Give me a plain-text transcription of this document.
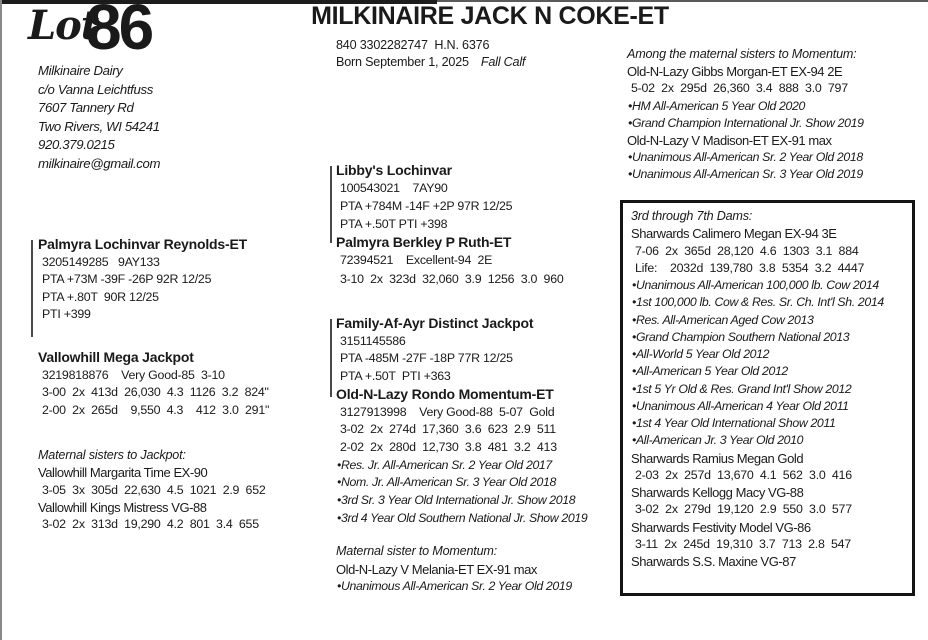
Lot
86
Milkinaire Dairy
c/o Vanna Leichtfuss
7607 Tannery Rd
Two Rivers, WI 54241
920.379.0215
milkinaire@gmail.com
MILKINAIRE JACK N COKE-ET
840 3302282747  H.N. 6376
Born September 1, 2025 Fall Calf
Palmyra Lochinvar Reynolds-ET
3205149285   9AY133
PTA +73M -39F -26P 92R 12/25
PTA +.80T  90R 12/25
PTI +399
Vallowhill Mega Jackpot
3219818876    Very Good-85  3-10
3-00  2x  413d  26,030  4.3  1126  3.2  824"
2-00  2x  265d    9,550  4.3    412  3.0  291"
Maternal sisters to Jackpot:
Vallowhill Margarita Time EX-90
3-05  3x  305d  22,630  4.5  1021  2.9  652
Vallowhill Kings Mistress VG-88
3-02  2x  313d  19,290  4.2  801  3.4  655
Libby's Lochinvar
100543021    7AY90
PTA +784M -14F +2P 97R 12/25
PTA +.50T PTI +398
Palmyra Berkley P Ruth-ET
72394521    Excellent-94  2E
3-10  2x  323d  32,060  3.9  1256  3.0  960
Family-Af-Ayr Distinct Jackpot
3151145586
PTA -485M -27F -18P 77R 12/25
PTA +.50T  PTI +363
Old-N-Lazy Rondo Momentum-ET
3127913998    Very Good-88  5-07  Gold
3-02  2x  274d  17,360  3.6  623  2.9  511
2-02  2x  280d  12,730  3.8  481  3.2  413
•Res. Jr. All-American Sr. 2 Year Old 2017
•Nom. Jr. All-American Sr. 3 Year Old 2018
•3rd Sr. 3 Year Old International Jr. Show 2018
•3rd 4 Year Old Southern National Jr. Show 2019
Maternal sister to Momentum:
Old-N-Lazy V Melania-ET EX-91 max
•Unanimous All-American Sr. 2 Year Old 2019
Among the maternal sisters to Momentum:
Old-N-Lazy Gibbs Morgan-ET EX-94 2E
5-02  2x  295d  26,360  3.4  888  3.0  797
•HM All-American 5 Year Old 2020
•Grand Champion International Jr. Show 2019
Old-N-Lazy V Madison-ET EX-91 max
•Unanimous All-American Sr. 2 Year Old 2018
•Unanimous All-American Sr. 3 Year Old 2019
3rd through 7th Dams:
Sharwards Calimero Megan EX-94 3E
7-06  2x  365d  28,120  4.6  1303  3.1  884
Life:    2032d  139,780  3.8  5354  3.2  4447
•Unanimous All-American 100,000 lb. Cow 2014
•1st 100,000 lb. Cow & Res. Sr. Ch. Int'l Sh. 2014
•Res. All-American Aged Cow 2013
•Grand Champion Southern National 2013
•All-World 5 Year Old 2012
•All-American 5 Year Old 2012
•1st 5 Yr Old & Res. Grand Int'l Show 2012
•Unanimous All-American 4 Year Old 2011
•1st 4 Year Old International Show 2011
•All-American Jr. 3 Year Old 2010
Sharwards Ramius Megan Gold
2-03  2x  257d  13,670  4.1  562  3.0  416
Sharwards Kellogg Macy VG-88
3-02  2x  279d  19,120  2.9  550  3.0  577
Sharwards Festivity Model VG-86
3-11  2x  245d  19,310  3.7  713  2.8  547
Sharwards S.S. Maxine VG-87
